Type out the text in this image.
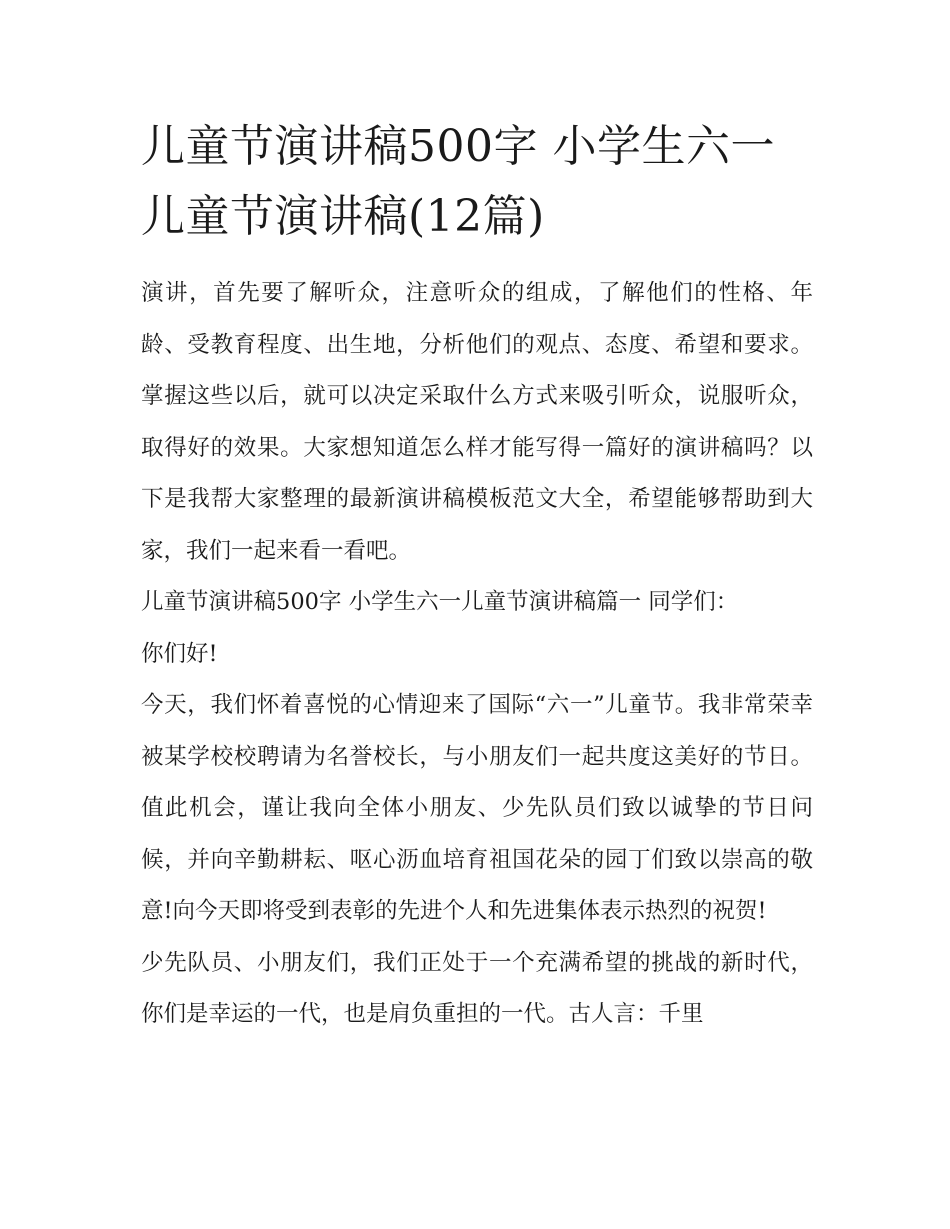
儿童节演讲稿500字 小学生六一儿童节演讲稿(12篇)

演讲，首先要了解听众，注意听众的组成，了解他们的性格、年龄、受教育程度、出生地，分析他们的观点、态度、希望和要求。掌握这些以后，就可以决定采取什么方式来吸引听众，说服听众，取得好的效果。大家想知道怎么样才能写得一篇好的演讲稿吗？以下是我帮大家整理的最新演讲稿模板范文大全，希望能够帮助到大家，我们一起来看一看吧。

儿童节演讲稿500字 小学生六一儿童节演讲稿篇一 同学们：

你们好!

今天，我们怀着喜悦的心情迎来了国际“六一”儿童节。我非常荣幸被某学校校聘请为名誉校长，与小朋友们一起共度这美好的节日。值此机会，谨让我向全体小朋友、少先队员们致以诚挚的节日问候，并向辛勤耕耘、呕心沥血培育祖国花朵的园丁们致以崇高的敬意!向今天即将受到表彰的先进个人和先进集体表示热烈的祝贺!

少先队员、小朋友们，我们正处于一个充满希望的挑战的新时代，你们是幸运的一代，也是肩负重担的一代。古人言：千里
